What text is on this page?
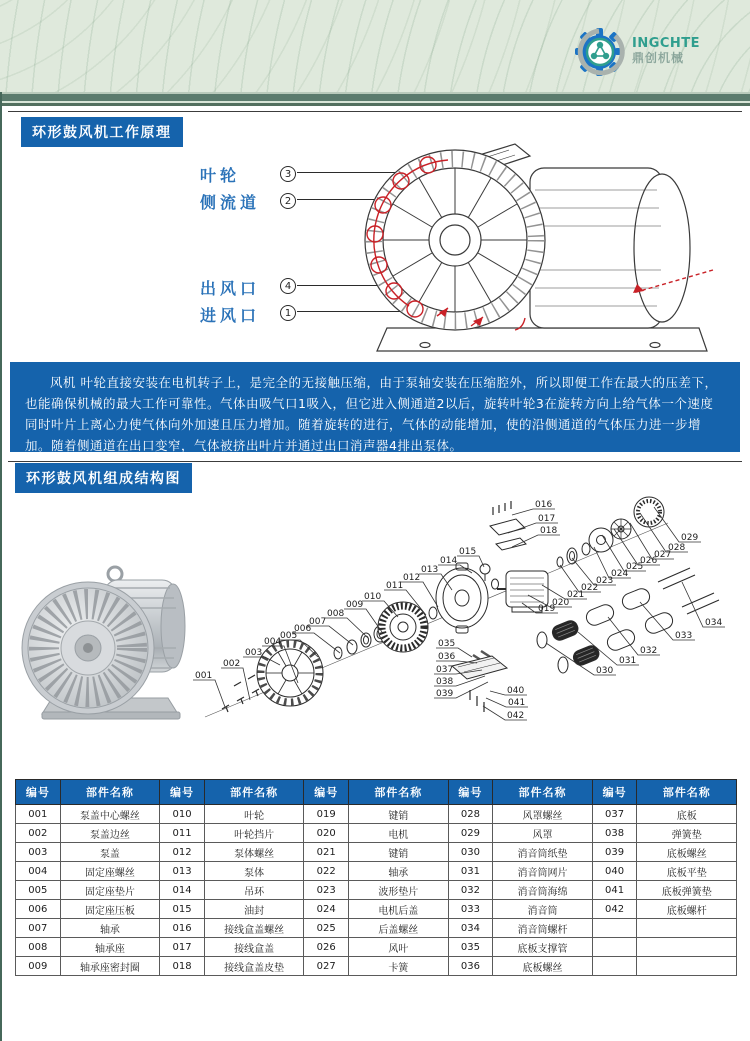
INGCHTE
鼎创机械
环形鼓风机工作原理
叶轮	3
侧流道	2
出风口	4
进风口	1
风机 叶轮直接安装在电机转子上，是完全的无接触压缩，由于泵轴安装在压缩腔外，所以即便工作在最大的压差下，也能确保机械的最大工作可靠性。气体由吸气口1吸入，但它进入侧通道2以后，旋转叶轮3在旋转方向上给气体一个速度同时叶片上离心力使气体向外加速且压力增加。随着旋转的进行，气体的动能增加，使的沿侧通道的气体压力进一步增加。随着侧通道在出口变窄，气体被挤出叶片并通过出口消声器4排出泵体。
环形鼓风机组成结构图
001
002
003
004
005
006
007
008
009
010
011
012
013
014
015
016
017
018
019
020
021
022
023
024
025
026
027
028
029
030
031
032
033
034
035
036
037
038
039	040
041
042
编号	部件名称	编号	部件名称	编号	部件名称	编号	部件名称	编号	部件名称
001	泵盖中心螺丝	010	叶轮	019	键销	028	风罩螺丝	037	底板
002	泵盖边丝	011	叶轮挡片	020	电机	029	风罩	038	弹簧垫
003	泵盖	012	泵体螺丝	021	键销	030	消音筒纸垫	039	底板螺丝
004	固定座螺丝	013	泵体	022	轴承	031	消音筒网片	040	底板平垫
005	固定座垫片	014	吊环	023	波形垫片	032	消音筒海绵	041	底板弹簧垫
006	固定座压板	015	油封	024	电机后盖	033	消音筒	042	底板螺杆
007	轴承	016	接线盒盖螺丝	025	后盖螺丝	034	消音筒螺杆		
008	轴承座	017	接线盒盖	026	风叶	035	底板支撑管		
009	轴承座密封圈	018	接线盒盖皮垫	027	卡簧	036	底板螺丝		
